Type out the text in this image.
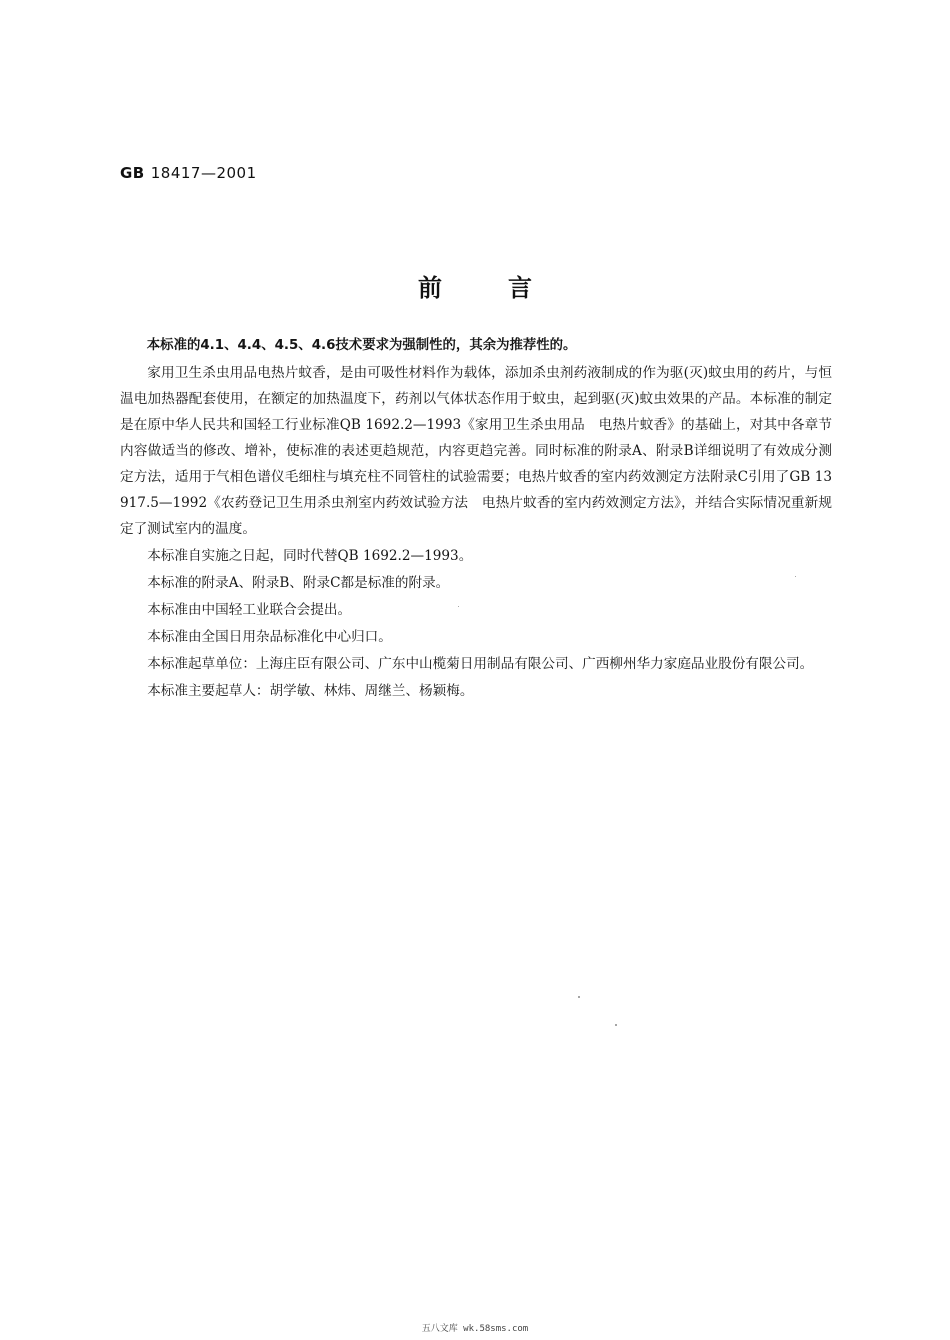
GB 18417—2001
前言

本标准的4.1、4.4、4.5、4.6技术要求为强制性的，其余为推荐性的。

家用卫生杀虫用品电热片蚊香，是由可吸性材料作为载体，添加杀虫剂药液制成的作为驱(灭)蚊虫用的药片，与恒温电加热器配套使用，在额定的加热温度下，药剂以气体状态作用于蚊虫，起到驱(灭)蚊虫效果的产品。本标准的制定是在原中华人民共和国轻工行业标准QB 1692.2—1993《家用卫生杀虫用品　电热片蚊香》的基础上，对其中各章节内容做适当的修改、增补，使标准的表述更趋规范，内容更趋完善。同时标准的附录A、附录B详细说明了有效成分测定方法，适用于气相色谱仪毛细柱与填充柱不同管柱的试验需要；电热片蚊香的室内药效测定方法附录C引用了GB 13917.5—1992《农药登记卫生用杀虫剂室内药效试验方法　电热片蚊香的室内药效测定方法》，并结合实际情况重新规定了测试室内的温度。

本标准自实施之日起，同时代替QB 1692.2—1993。

本标准的附录A、附录B、附录C都是标准的附录。

本标准由中国轻工业联合会提出。

本标准由全国日用杂品标准化中心归口。

本标准起草单位：上海庄臣有限公司、广东中山榄菊日用制品有限公司、广西柳州华力家庭品业股份有限公司。

本标准主要起草人：胡学敏、林炜、周继兰、杨颖梅。

五八文库 wk.58sms.com
